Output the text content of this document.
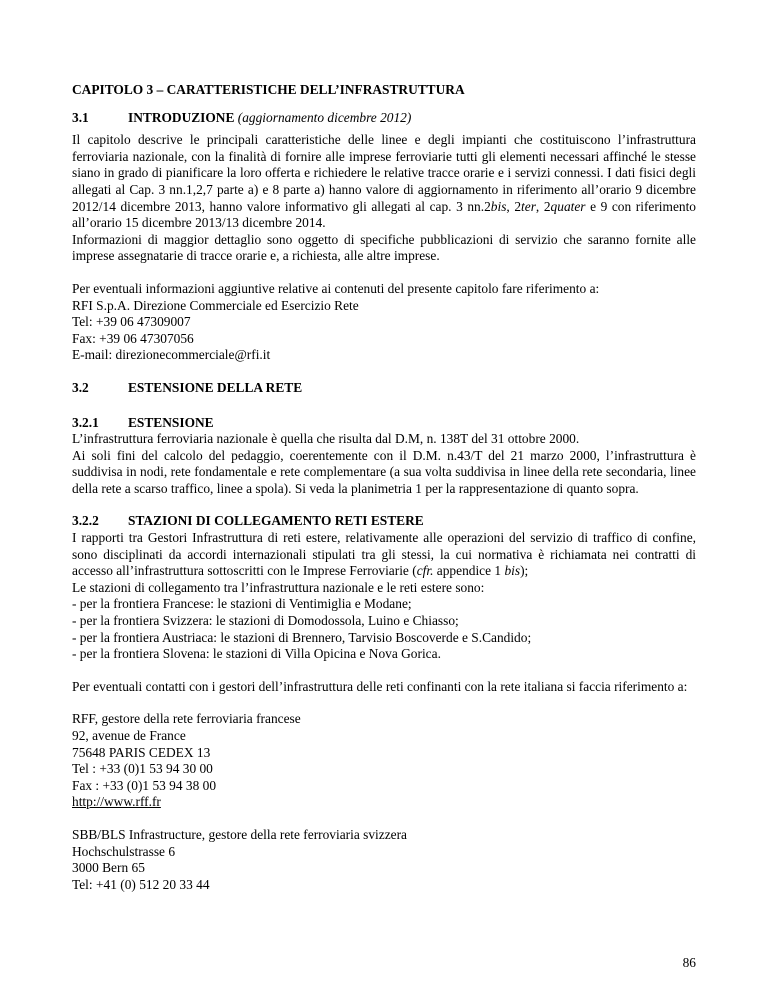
CAPITOLO 3 – CARATTERISTICHE DELL’INFRASTRUTTURA

3.1	INTRODUZIONE
(aggiornamento dicembre 2012)

Il capitolo descrive le principali caratteristiche delle linee e degli impianti che costituiscono l’infrastruttura ferroviaria nazionale, con la finalità di fornire alle imprese ferroviarie tutti gli elementi necessari affinché le stesse siano in grado di pianificare la loro offerta e richiedere le relative tracce orarie e i servizi connessi. I dati fisici degli allegati al Cap. 3 nn.1,2,7 parte a) e 8 parte a) hanno valore di aggiornamento in riferimento all’orario 9 dicembre 2012/14 dicembre 2013, hanno valore informativo gli allegati al cap. 3 nn.2bis, 2ter, 2quater e 9 con riferimento all’orario 15 dicembre 2013/13 dicembre 2014.

Informazioni di maggior dettaglio sono oggetto di specifiche pubblicazioni di servizio che saranno fornite alle imprese assegnatarie di tracce orarie e, a richiesta, alle altre imprese.

Per eventuali informazioni aggiuntive relative ai contenuti del presente capitolo fare riferimento a:

RFI S.p.A. Direzione Commerciale ed Esercizio Rete

Tel: +39 06 47309007

Fax: +39 06 47307056

E-mail: direzionecommerciale@rfi.it

3.2	ESTENSIONE DELLA RETE
3.2.1	ESTENSIONE

L’infrastruttura ferroviaria nazionale è quella che risulta dal D.M, n. 138T del 31 ottobre 2000.

Ai soli fini del calcolo del pedaggio, coerentemente con il D.M. n.43/T del 21 marzo 2000, l’infrastruttura è suddivisa in nodi, rete fondamentale e rete complementare (a sua volta suddivisa in linee della rete secondaria, linee della rete a scarso traffico, linee a spola). Si veda la planimetria 1 per la rappresentazione di quanto sopra.

3.2.2	STAZIONI DI COLLEGAMENTO RETI ESTERE

I rapporti tra Gestori Infrastruttura di reti estere, relativamente alle operazioni del servizio di traffico di confine, sono disciplinati da accordi internazionali stipulati tra gli stessi, la cui normativa è richiamata nei contratti di accesso all’infrastruttura sottoscritti con le Imprese Ferroviarie (cfr. appendice 1 bis);

Le stazioni di collegamento tra l’infrastruttura nazionale e le reti estere sono:

- per la frontiera Francese: le stazioni di Ventimiglia e Modane;

- per la frontiera Svizzera: le stazioni di Domodossola, Luino e Chiasso;

- per la frontiera Austriaca: le stazioni di Brennero, Tarvisio Boscoverde e S.Candido;

- per la frontiera Slovena: le stazioni di Villa Opicina e Nova Gorica.

Per eventuali contatti con i gestori dell’infrastruttura delle reti confinanti con la rete italiana si faccia riferimento a:

RFF, gestore della rete ferroviaria francese

92, avenue de France

75648 PARIS CEDEX 13

Tel : +33 (0)1 53 94 30 00

Fax : +33 (0)1 53 94 38 00

http://www.rff.fr

SBB/BLS Infrastructure, gestore della rete ferroviaria svizzera

Hochschulstrasse 6

3000 Bern 65

Tel: +41 (0) 512 20 33 44

86
